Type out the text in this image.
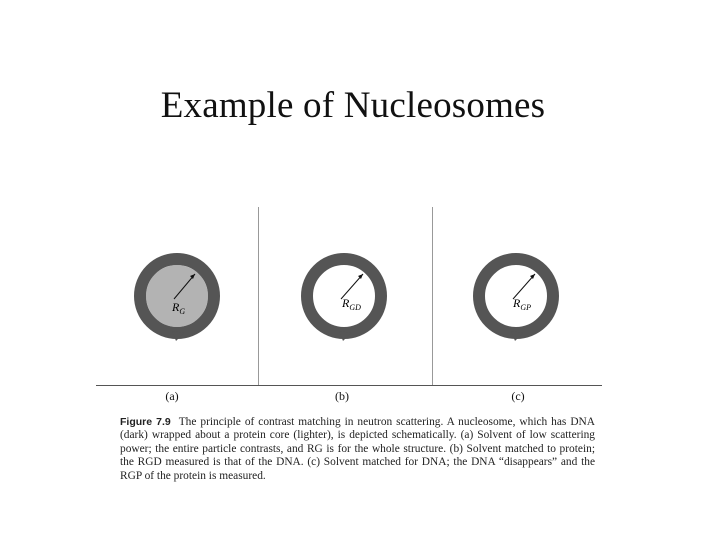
Example of Nucleosomes
$R_G$
$R_{GD}$	$R_{GP}$
(a)	(b)	(c)
Figure 7.9 The principle of contrast matching in neutron scattering. A nucleosome, which has DNA (dark) wrapped about a protein core (lighter), is depicted schematically. (a) Solvent of low scattering power; the entire particle contrasts, and RG is for the whole structure. (b) Solvent matched to protein; the RGD measured is that of the DNA. (c) Solvent matched for DNA; the DNA “disappears” and the RGP of the protein is measured.
